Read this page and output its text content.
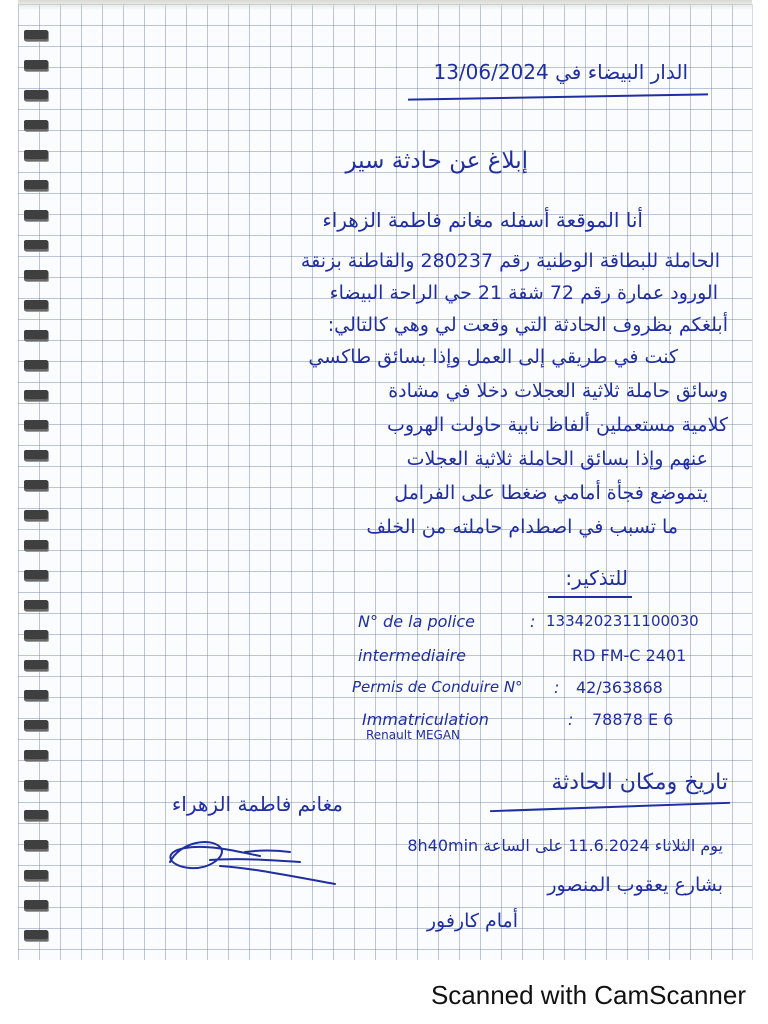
الدار البيضاء في 13/06/2024
إبلاغ عن حادثة سير
أنا الموقعة أسفله مغانم فاطمة الزهراء
الحاملة للبطاقة الوطنية رقم 280237 والقاطنة بزنقة
الورود عمارة رقم 72 شقة 21 حي الراحة البيضاء
أبلغكم بظروف الحادثة التي وقعت لي وهي كالتالي:
كنت في طريقي إلى العمل وإذا بسائق طاكسي
وسائق حاملة ثلاثية العجلات دخلا في مشادة
كلامية مستعملين ألفاظ نابية حاولت الهروب
عنهم وإذا بسائق الحاملة ثلاثية العجلات
يتموضع فجأة أمامي ضغطا على الفرامل
ما تسبب في اصطدام حاملته من الخلف
للتذكير:
N° de la police	: 1334202311100030
intermediaire	RD FM-C 2401
Permis de Conduire N° : 42/363868
Immatriculation	: 78878 E 6
Renault MEGAN
تاريخ ومكان الحادثة
يوم الثلاثاء 11.6.2024 على الساعة 8h40min
بشارع يعقوب المنصور
أمام كارفور
مغانم فاطمة الزهراء
Scanned with CamScanner
